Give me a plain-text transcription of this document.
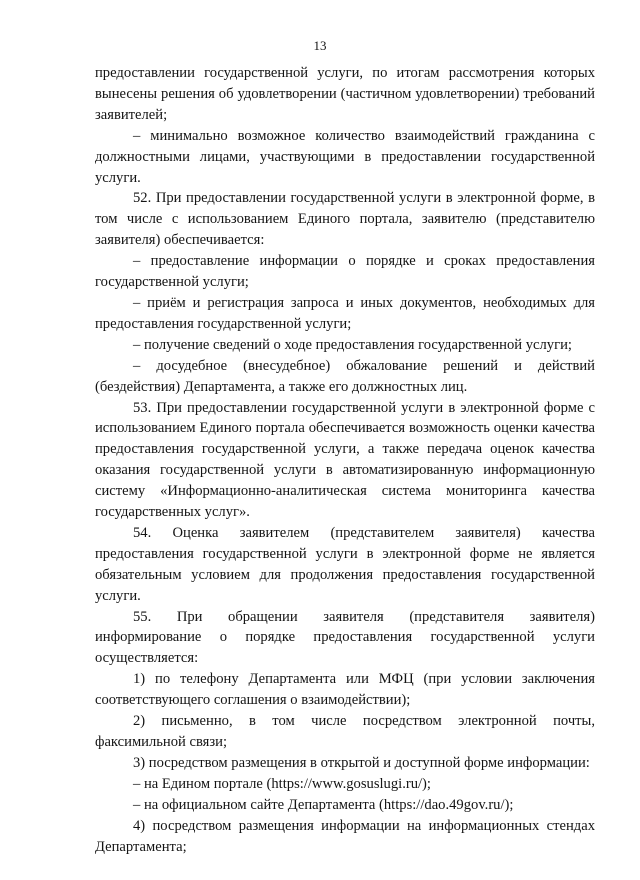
13

предоставлении государственной услуги, по итогам рассмотрения которых вынесены решения об удовлетворении (частичном удовлетворении) требований заявителей;

– минимально возможное количество взаимодействий гражданина с должностными лицами, участвующими в предоставлении государственной услуги.

52. При предоставлении государственной услуги в электронной форме, в том числе с использованием Единого портала, заявителю (представителю заявителя) обеспечивается:

– предоставление информации о порядке и сроках предоставления государственной услуги;

– приём и регистрация запроса и иных документов, необходимых для предоставления государственной услуги;

– получение сведений о ходе предоставления государственной услуги;

– досудебное (внесудебное) обжалование решений и действий (бездействия) Департамента, а также его должностных лиц.

53. При предоставлении государственной услуги в электронной форме с использованием Единого портала обеспечивается возможность оценки качества предоставления государственной услуги, а также передача оценок качества оказания государственной услуги в автоматизированную информационную систему «Информационно-аналитическая система мониторинга качества государственных услуг».

54. Оценка заявителем (представителем заявителя) качества предоставления государственной услуги в электронной форме не является обязательным условием для продолжения предоставления государственной услуги.

55. При обращении заявителя (представителя заявителя) информирование о порядке предоставления государственной услуги осуществляется:

1) по телефону Департамента или МФЦ (при условии заключения соответствующего соглашения о взаимодействии);

2) письменно, в том числе посредством электронной почты, факсимильной связи;

3) посредством размещения в открытой и доступной форме информации:

– на Едином портале (https://www.gosuslugi.ru/);

– на официальном сайте Департамента (https://dao.49gov.ru/);

4) посредством размещения информации на информационных стендах Департамента;
